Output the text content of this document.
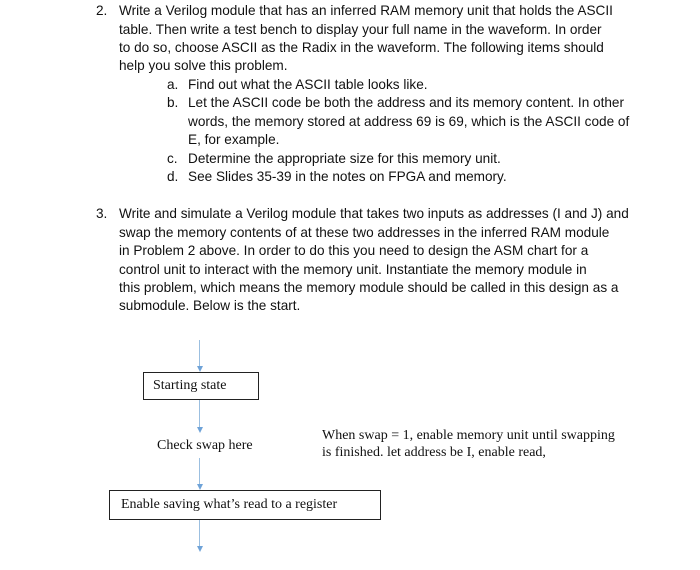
2. Write a Verilog module that has an inferred RAM memory unit that holds the ASCII
table. Then write a test bench to display your full name in the waveform. In order
to do so, choose ASCII as the Radix in the waveform. The following items should
help you solve this problem.
a. Find out what the ASCII table looks like.
b. Let the ASCII code be both the address and its memory content. In other
words, the memory stored at address 69 is 69, which is the ASCII code of
E, for example.
c. Determine the appropriate size for this memory unit.
d. See Slides 35-39 in the notes on FPGA and memory.
3. Write and simulate a Verilog module that takes two inputs as addresses (I and J) and
swap the memory contents of at these two addresses in the inferred RAM module
in Problem 2 above. In order to do this you need to design the ASM chart for a
control unit to interact with the memory unit. Instantiate the memory module in
this problem, which means the memory module should be called in this design as a
submodule. Below is the start.
Starting state
Check swap here
When swap = 1, enable memory unit until swapping
is finished. let address be I, enable read,
Enable saving what’s read to a register
